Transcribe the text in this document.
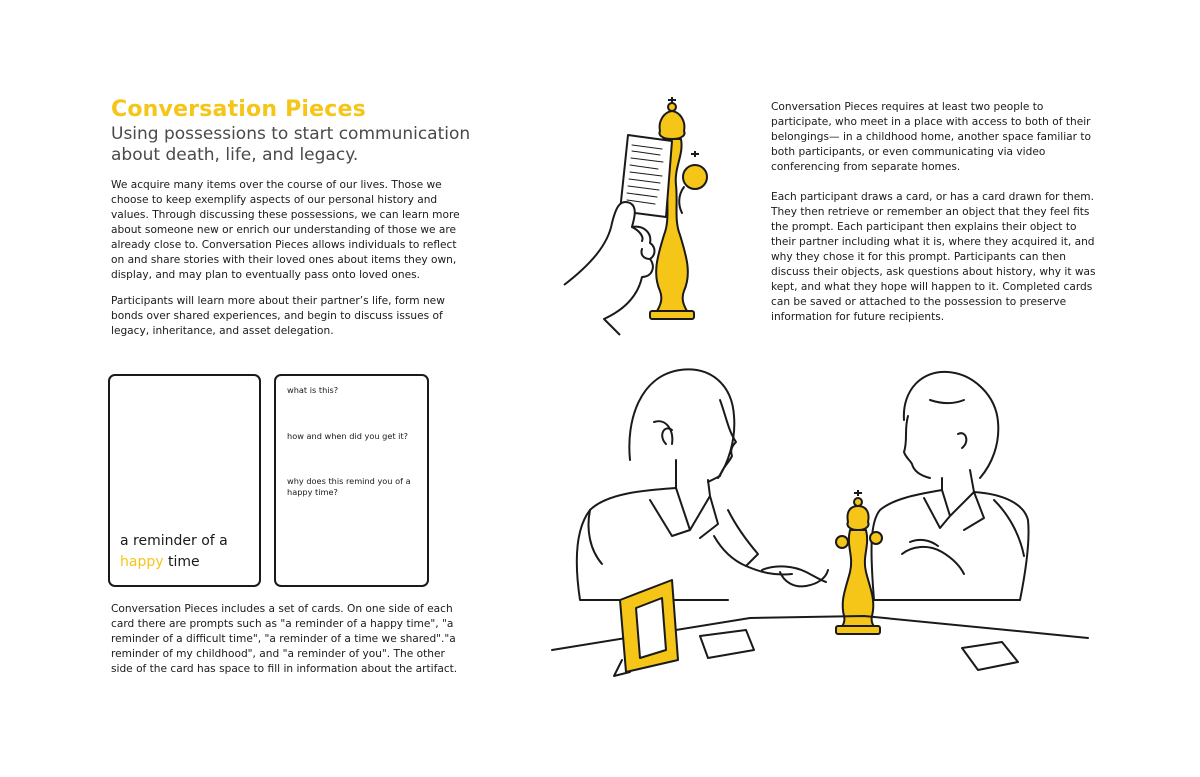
Conversation Pieces

Using possessions to start communication about death, life, and legacy.

We acquire many items over the course of our lives. Those we choose to keep exemplify aspects of our personal history and values. Through discussing these possessions, we can learn more about someone new or enrich our understanding of those we are already close to. Conversation Pieces allows individuals to reflect on and share stories with their loved ones about items they own, display, and may plan to eventually pass onto loved ones.

Participants will learn more about their partner’s life, form new bonds over shared experiences, and begin to discuss issues of legacy, inheritance, and asset delegation.

Conversation Pieces requires at least two people to participate, who meet in a place with access to both of their belongings— in a childhood home, another space familiar to both participants, or even communicating via video conferencing from separate homes.

Each participant draws a card, or has a card drawn for them. They then retrieve or remember an object that they feel fits the prompt. Each participant then explains their object to their partner including what it is, where they acquired it, and why they chose it for this prompt. Participants can then discuss their objects, ask questions about history, why it was kept, and what they hope will happen to it. Completed cards can be saved or attached to the possession to preserve information for future recipients.

a reminder of a
happy time

what is this?

how and when did you get it?

why does this remind you of a happy time?

Conversation Pieces includes a set of cards. On one side of each card there are prompts such as "a reminder of a happy time", "a reminder of a difficult time", "a reminder of a time we shared"."a reminder of my childhood", and "a reminder of you". The other side of the card has space to fill in information about the artifact.
